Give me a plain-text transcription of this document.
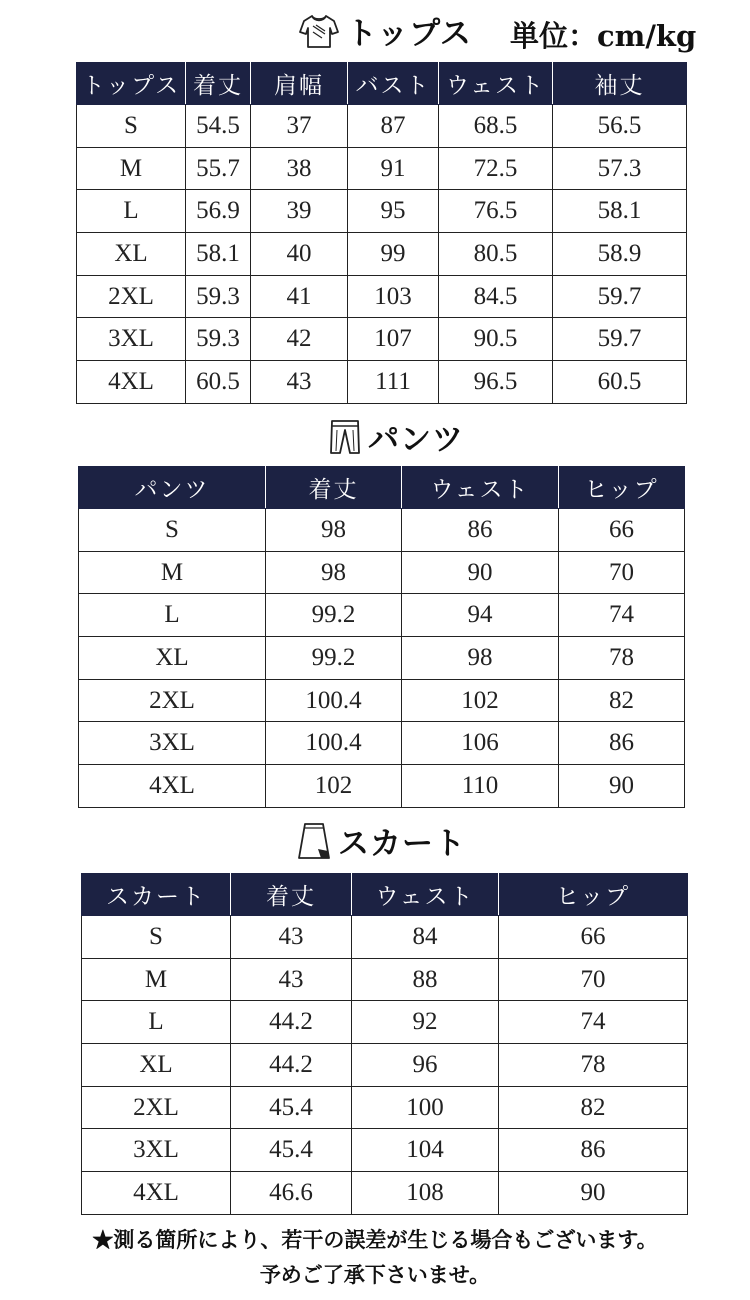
トップス 単位：cm/kg
トップス	着丈	肩幅	バスト	ウェスト	袖丈
S	54.5	37	87	68.5	56.5
M	55.7	38	91	72.5	57.3
L	56.9	39	95	76.5	58.1
XL	58.1	40	99	80.5	58.9
2XL	59.3	41	103	84.5	59.7
3XL	59.3	42	107	90.5	59.7
4XL	60.5	43	111	96.5	60.5
パンツ
パンツ	着丈	ウェスト	ヒップ
S	98	86	66
M	98	90	70
L	99.2	94	74
XL	99.2	98	78
2XL	100.4	102	82
3XL	100.4	106	86
4XL	102	110	90
スカート
スカート	着丈	ウェスト	ヒップ
S	43	84	66
M	43	88	70
L	44.2	92	74
XL	44.2	96	78
2XL	45.4	100	82
3XL	45.4	104	86
4XL	46.6	108	90
★測る箇所により、若干の誤差が生じる場合もございます。
予めご了承下さいませ。
